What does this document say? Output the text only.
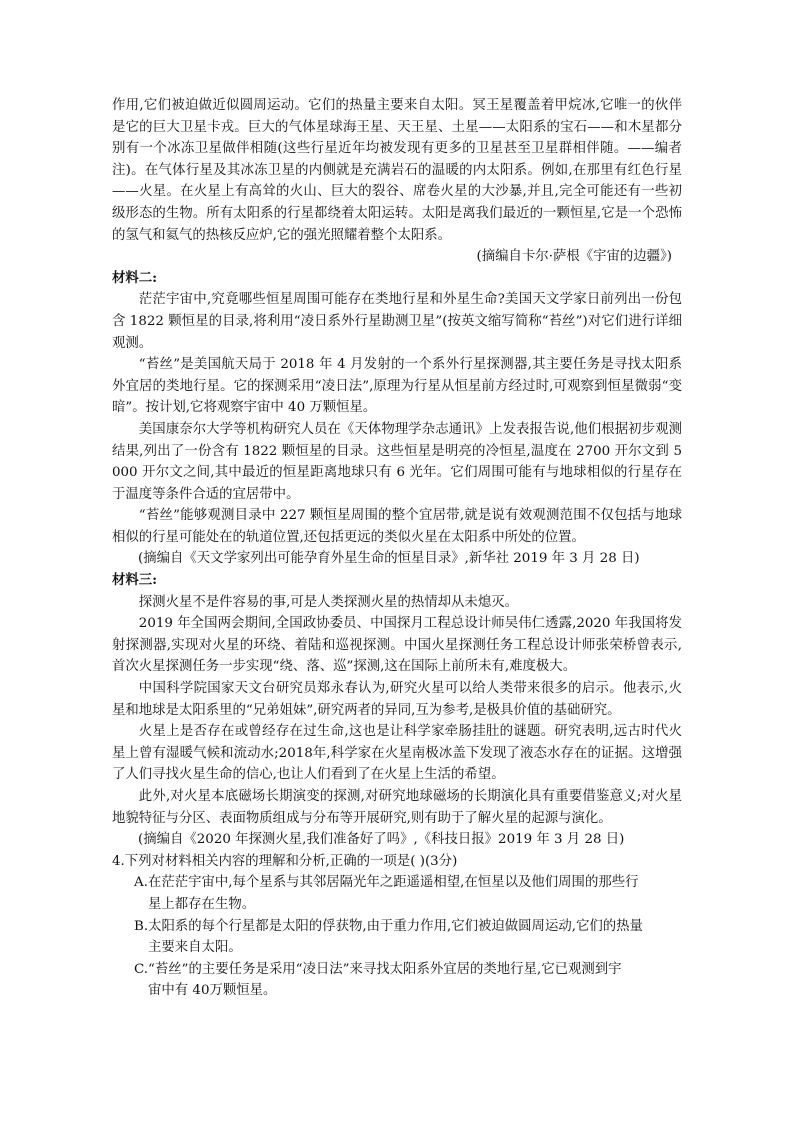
作用,它们被迫做近似圆周运动。它们的热量主要来自太阳。冥王星覆盖着甲烷冰,它唯一的伙伴是它的巨大卫星卡戎。巨大的气体星球海王星、天王星、土星——太阳系的宝石——和木星都分别有一个冰冻卫星做伴相随(这些行星近年均被发现有更多的卫星甚至卫星群相伴随。——编者注)。在气体行星及其冰冻卫星的内侧就是充满岩石的温暖的内太阳系。例如,在那里有红色行星——火星。在火星上有高耸的火山、巨大的裂谷、席卷火星的大沙暴,并且,完全可能还有一些初级形态的生物。所有太阳系的行星都绕着太阳运转。太阳是离我们最近的一颗恒星,它是一个恐怖的氢气和氦气的热核反应炉,它的强光照耀着整个太阳系。

(摘编自卡尔·萨根《宇宙的边疆》)

材料二:

茫茫宇宙中,究竟哪些恒星周围可能存在类地行星和外星生命?美国天文学家日前列出一份包含 1822 颗恒星的目录,将利用“凌日系外行星勘测卫星”(按英文缩写简称“苔丝”)对它们进行详细观测。

“苔丝”是美国航天局于 2018 年 4 月发射的一个系外行星探测器,其主要任务是寻找太阳系外宜居的类地行星。它的探测采用“凌日法”,原理为行星从恒星前方经过时,可观察到恒星微弱“变暗”。按计划,它将观察宇宙中 40 万颗恒星。

美国康奈尔大学等机构研究人员在《天体物理学杂志通讯》上发表报告说,他们根据初步观测结果,列出了一份含有 1822 颗恒星的目录。这些恒星是明亮的冷恒星,温度在 2700 开尔文到 5 000 开尔文之间,其中最近的恒星距离地球只有 6 光年。它们周围可能有与地球相似的行星存在于温度等条件合适的宜居带中。

“苔丝”能够观测目录中 227 颗恒星周围的整个宜居带,就是说有效观测范围不仅包括与地球相似的行星可能处在的轨道位置,还包括更远的类似火星在太阳系中所处的位置。

(摘编自《天文学家列出可能孕育外星生命的恒星目录》,新华社 2019 年 3 月 28 日)

材料三:

探测火星不是件容易的事,可是人类探测火星的热情却从未熄灭。

2019 年全国两会期间,全国政协委员、中国探月工程总设计师吴伟仁透露,2020 年我国将发射探测器,实现对火星的环绕、着陆和巡视探测。中国火星探测任务工程总设计师张荣桥曾表示,首次火星探测任务一步实现“绕、落、巡”探测,这在国际上前所未有,难度极大。

中国科学院国家天文台研究员郑永春认为,研究火星可以给人类带来很多的启示。他表示,火星和地球是太阳系里的“兄弟姐妹”,研究两者的异同,互为参考,是极具价值的基础研究。

火星上是否存在或曾经存在过生命,这也是让科学家牵肠挂肚的谜题。研究表明,远古时代火星上曾有湿暖气候和流动水;2018年,科学家在火星南极冰盖下发现了液态水存在的证据。这增强了人们寻找火星生命的信心,也让人们看到了在火星上生活的希望。

此外,对火星本底磁场长期演变的探测,对研究地球磁场的长期演化具有重要借鉴意义;对火星地貌特征与分区、表面物质组成与分布等开展研究,则有助于了解火星的起源与演化。

(摘编自《2020 年探测火星,我们准备好了吗》,《科技日报》2019 年 3 月 28 日)

4.下列对材料相关内容的理解和分析,正确的一项是( )(3分)

A.在茫茫宇宙中,每个星系与其邻居隔光年之距遥遥相望,在恒星以及他们周围的那些行
星上都存在生物。

B.太阳系的每个行星都是太阳的俘获物,由于重力作用,它们被迫做圆周运动,它们的热量
主要来自太阳。

C.“苔丝”的主要任务是采用“凌日法”来寻找太阳系外宜居的类地行星,它已观测到宇
宙中有 40万颗恒星。
